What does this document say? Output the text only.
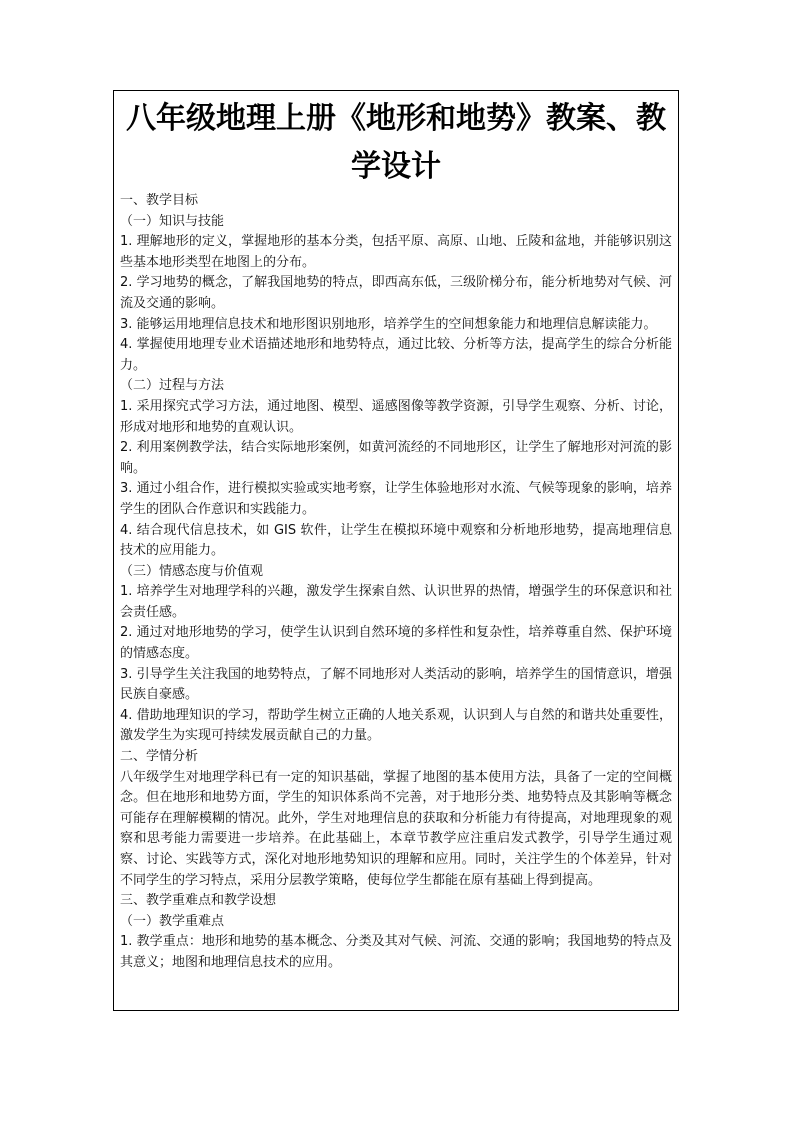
八年级地理上册《地形和地势》教案、教学设计
一、教学目标
（一）知识与技能
1. 理解地形的定义，掌握地形的基本分类，包括平原、高原、山地、丘陵和盆地，并能够识别这些基本地形类型在地图上的分布。
2. 学习地势的概念，了解我国地势的特点，即西高东低，三级阶梯分布，能分析地势对气候、河流及交通的影响。
3. 能够运用地理信息技术和地形图识别地形，培养学生的空间想象能力和地理信息解读能力。
4. 掌握使用地理专业术语描述地形和地势特点，通过比较、分析等方法，提高学生的综合分析能力。
（二）过程与方法
1. 采用探究式学习方法，通过地图、模型、遥感图像等教学资源，引导学生观察、分析、讨论，形成对地形和地势的直观认识。
2. 利用案例教学法，结合实际地形案例，如黄河流经的不同地形区，让学生了解地形对河流的影响。
3. 通过小组合作，进行模拟实验或实地考察，让学生体验地形对水流、气候等现象的影响，培养学生的团队合作意识和实践能力。
4. 结合现代信息技术，如 GIS 软件，让学生在模拟环境中观察和分析地形地势，提高地理信息技术的应用能力。
（三）情感态度与价值观
1. 培养学生对地理学科的兴趣，激发学生探索自然、认识世界的热情，增强学生的环保意识和社会责任感。
2. 通过对地形地势的学习，使学生认识到自然环境的多样性和复杂性，培养尊重自然、保护环境的情感态度。
3. 引导学生关注我国的地势特点，了解不同地形对人类活动的影响，培养学生的国情意识，增强民族自豪感。
4. 借助地理知识的学习，帮助学生树立正确的人地关系观，认识到人与自然的和谐共处重要性，激发学生为实现可持续发展贡献自己的力量。
二、学情分析
八年级学生对地理学科已有一定的知识基础，掌握了地图的基本使用方法，具备了一定的空间概念。但在地形和地势方面，学生的知识体系尚不完善，对于地形分类、地势特点及其影响等概念可能存在理解模糊的情况。此外，学生对地理信息的获取和分析能力有待提高，对地理现象的观察和思考能力需要进一步培养。在此基础上，本章节教学应注重启发式教学，引导学生通过观察、讨论、实践等方式，深化对地形地势知识的理解和应用。同时，关注学生的个体差异，针对不同学生的学习特点，采用分层教学策略，使每位学生都能在原有基础上得到提高。
三、教学重难点和教学设想
（一）教学重难点
1. 教学重点：地形和地势的基本概念、分类及其对气候、河流、交通的影响；我国地势的特点及其意义；地图和地理信息技术的应用。
